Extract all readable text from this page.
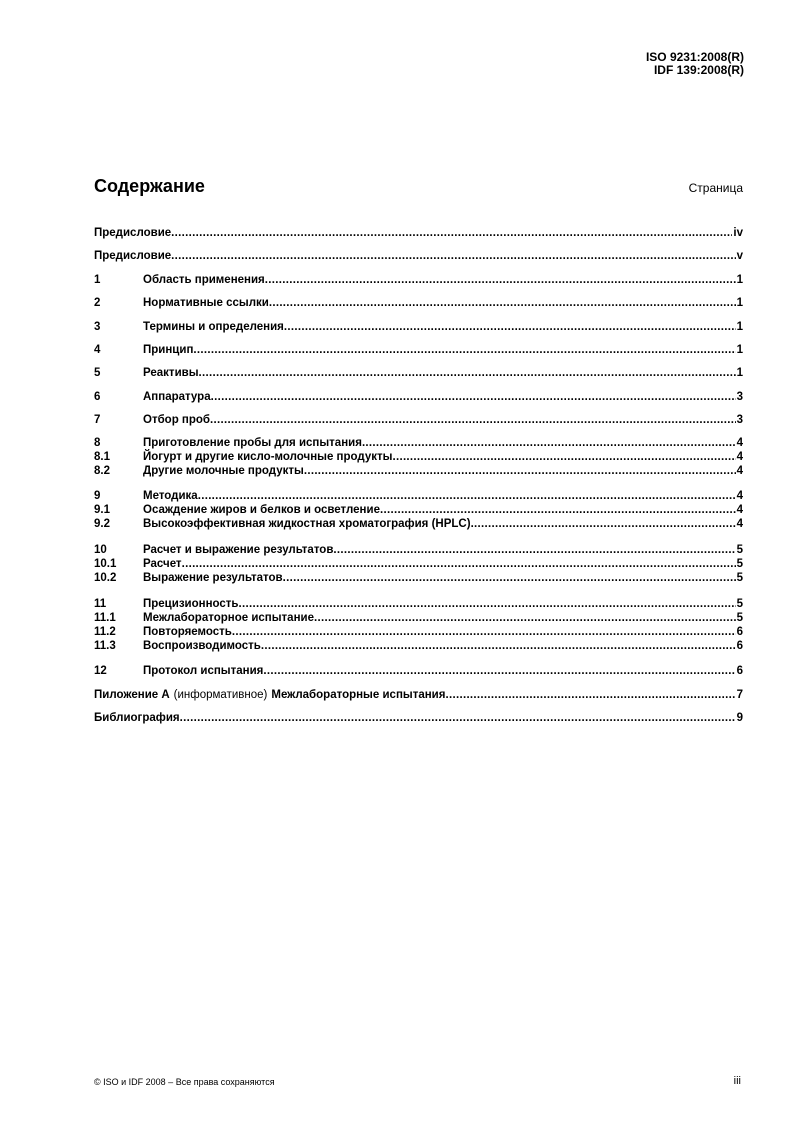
ISO 9231:2008(R)
IDF 139:2008(R)
Содержание	Страница
Предисловие .....	iv
Предисловие .....	v
1	Область применения .....	1
2	Нормативные ссылки .....	1
3	Термины и определения .....	1
4	Принцип .....	1
5	Реактивы .....	1
6	Аппаратура .....	3
7	Отбор проб .....	3
8	Приготовление пробы для испытания .....	4
8.1	Йогурт и другие кисло-молочные продукты .....	4
8.2	Другие молочные продукты .....	4
9	Методика .....	4
9.1	Осаждение жиров и белков и осветление .....	4
9.2	Высокоэффективная жидкостная хроматография (HPLC) .....	4
10	Расчет и выражение результатов .....	5
10.1	Расчет .....	5
10.2	Выражение результатов .....	5
11	Прецизионность .....	5
11.1	Межлабораторное испытание .....	5
11.2	Повторяемость .....	6
11.3	Воспроизводимость .....	6
12	Протокол испытания .....	6
Пиложение А (информативное) Межлабораторные испытания .....	7
Библиография .....	9
© ISO и IDF 2008 – Все права сохраняются	iii
